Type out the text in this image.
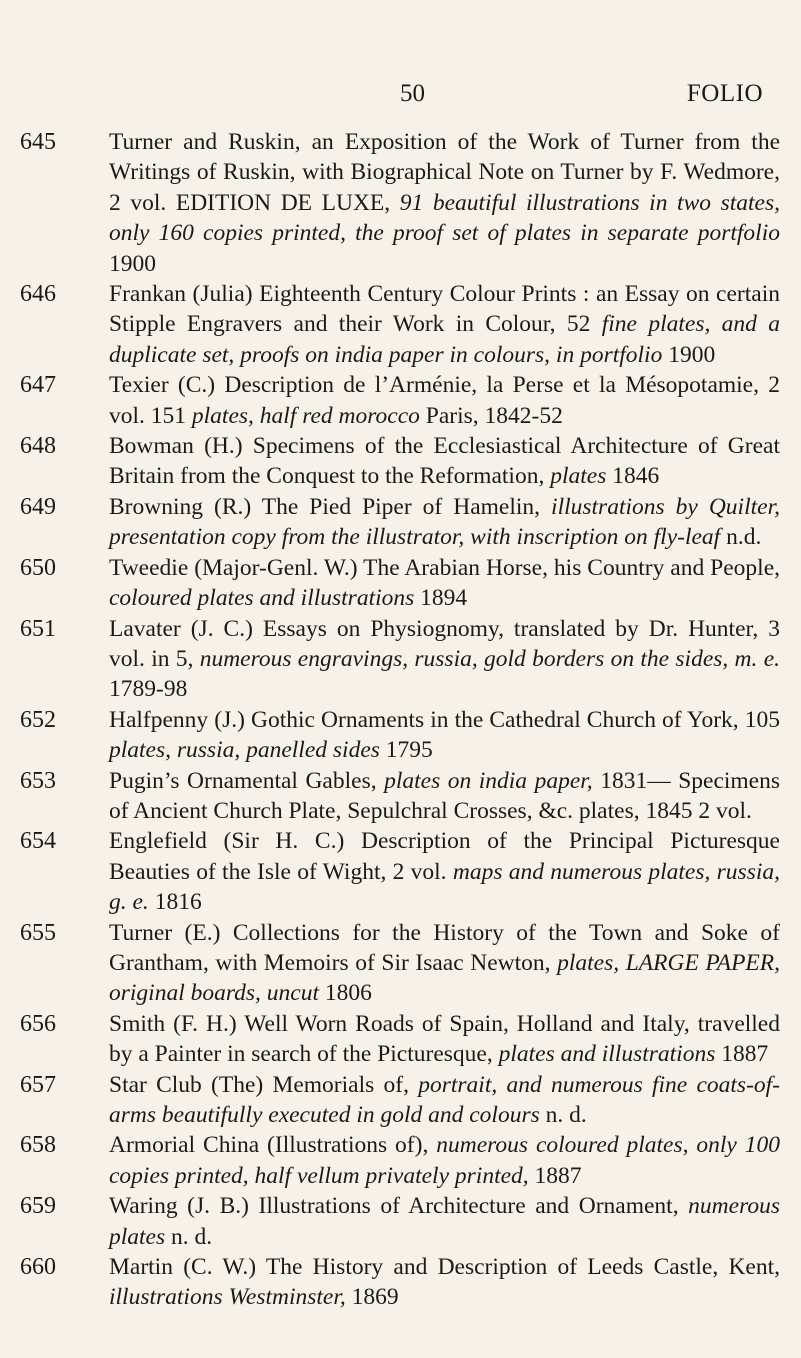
50	FOLIO
645	Turner and Ruskin, an Exposition of the Work of Turner from the Writings of Ruskin, with Biographical Note on Turner by F. Wedmore, 2 vol. EDITION DE LUXE, 91 beautiful illustrations in two states, only 160 copies printed, the proof set of plates in separate portfolio 1900
646	Frankan (Julia) Eighteenth Century Colour Prints : an Essay on certain Stipple Engravers and their Work in Colour, 52 fine plates, and a duplicate set, proofs on india paper in colours, in portfolio 1900
647	Texier (C.) Description de l’Arménie, la Perse et la Mésopotamie, 2 vol. 151 plates, half red morocco Paris, 1842-52
648	Bowman (H.) Specimens of the Ecclesiastical Architecture of Great Britain from the Conquest to the Reformation, plates 1846
649	Browning (R.) The Pied Piper of Hamelin, illustrations by Quilter, presentation copy from the illustrator, with inscription on fly-leaf n.d.
650	Tweedie (Major-Genl. W.) The Arabian Horse, his Country and People, coloured plates and illustrations 1894
651	Lavater (J. C.) Essays on Physiognomy, translated by Dr. Hunter, 3 vol. in 5, numerous engravings, russia, gold borders on the sides, m. e. 1789-98
652	Halfpenny (J.) Gothic Ornaments in the Cathedral Church of York, 105 plates, russia, panelled sides 1795
653	Pugin’s Ornamental Gables, plates on india paper, 1831— Specimens of Ancient Church Plate, Sepulchral Crosses, &c. plates, 1845 2 vol.
654	Englefield (Sir H. C.) Description of the Principal Picturesque Beauties of the Isle of Wight, 2 vol. maps and numerous plates, russia, g. e. 1816
655	Turner (E.) Collections for the History of the Town and Soke of Grantham, with Memoirs of Sir Isaac Newton, plates, LARGE PAPER, original boards, uncut 1806
656	Smith (F. H.) Well Worn Roads of Spain, Holland and Italy, travelled by a Painter in search of the Picturesque, plates and illustrations 1887
657	Star Club (The) Memorials of, portrait, and numerous fine coats-of-arms beautifully executed in gold and colours n. d.
658	Armorial China (Illustrations of), numerous coloured plates, only 100 copies printed, half vellum privately printed, 1887
659	Waring (J. B.) Illustrations of Architecture and Ornament, numerous plates n. d.
660	Martin (C. W.) The History and Description of Leeds Castle, Kent, illustrations Westminster, 1869
